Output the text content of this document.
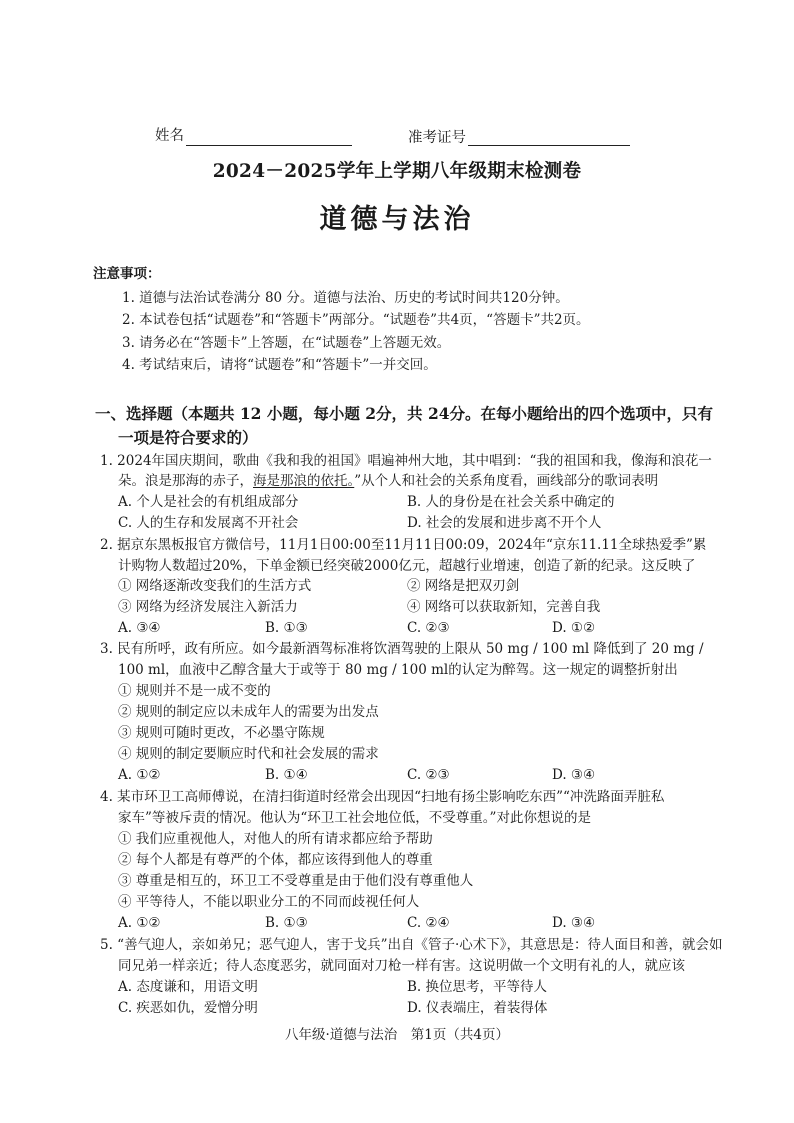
姓名	准考证号
2024－2025学年上学期八年级期末检测卷
道德与法治
注意事项：
1. 道德与法治试卷满分 80 分。道德与法治、历史的考试时间共120分钟。
2. 本试卷包括“试题卷”和“答题卡”两部分。“试题卷”共4页，“答题卡”共2页。
3. 请务必在“答题卡”上答题，在“试题卷”上答题无效。
4. 考试结束后，请将“试题卷”和“答题卡”一并交回。
一、选择题（本题共 12 小题，每小题 2分，共 24分。在每小题给出的四个选项中，只有
一项是符合要求的）
1. 2024年国庆期间，歌曲《我和我的祖国》唱遍神州大地，其中唱到：“我的祖国和我，像海和浪花一
朵。浪是那海的赤子，海是那浪的依托。”从个人和社会的关系角度看，画线部分的歌词表明
A. 个人是社会的有机组成部分	B. 人的身份是在社会关系中确定的
C. 人的生存和发展离不开社会	D. 社会的发展和进步离不开个人
2. 据京东黑板报官方微信号，11月1日00:00至11月11日00:09，2024年“京东11.11全球热爱季”累
计购物人数超过20%，下单金额已经突破2000亿元，超越行业增速，创造了新的纪录。这反映了
① 网络逐渐改变我们的生活方式	② 网络是把双刃剑
③ 网络为经济发展注入新活力	④ 网络可以获取新知，完善自我
A. ③④	B. ①③	C. ②③	D. ①②
3. 民有所呼，政有所应。如今最新酒驾标准将饮酒驾驶的上限从 50 mg / 100 ml 降低到了 20 mg /
100 ml，血液中乙醇含量大于或等于 80 mg / 100 ml的认定为醉驾。这一规定的调整折射出
① 规则并不是一成不变的
② 规则的制定应以未成年人的需要为出发点
③ 规则可随时更改，不必墨守陈规
④ 规则的制定要顺应时代和社会发展的需求
A. ①②	B. ①④	C. ②③	D. ③④
4. 某市环卫工高师傅说，在清扫街道时经常会出现因“扫地有扬尘影响吃东西”“冲洗路面弄脏私
家车”等被斥责的情况。他认为“环卫工社会地位低，不受尊重。”对此你想说的是
① 我们应重视他人，对他人的所有请求都应给予帮助
② 每个人都是有尊严的个体，都应该得到他人的尊重
③ 尊重是相互的，环卫工不受尊重是由于他们没有尊重他人
④ 平等待人，不能以职业分工的不同而歧视任何人
A. ①②	B. ①③	C. ②④	D. ③④
5. “善气迎人，亲如弟兄；恶气迎人，害于戈兵”出自《管子·心术下》，其意思是：待人面目和善，就会如
同兄弟一样亲近；待人态度恶劣，就同面对刀枪一样有害。这说明做一个文明有礼的人，就应该
A. 态度谦和，用语文明	B. 换位思考，平等待人
C. 疾恶如仇，爱憎分明	D. 仪表端庄，着装得体
八年级·道德与法治　第1页（共4页）
